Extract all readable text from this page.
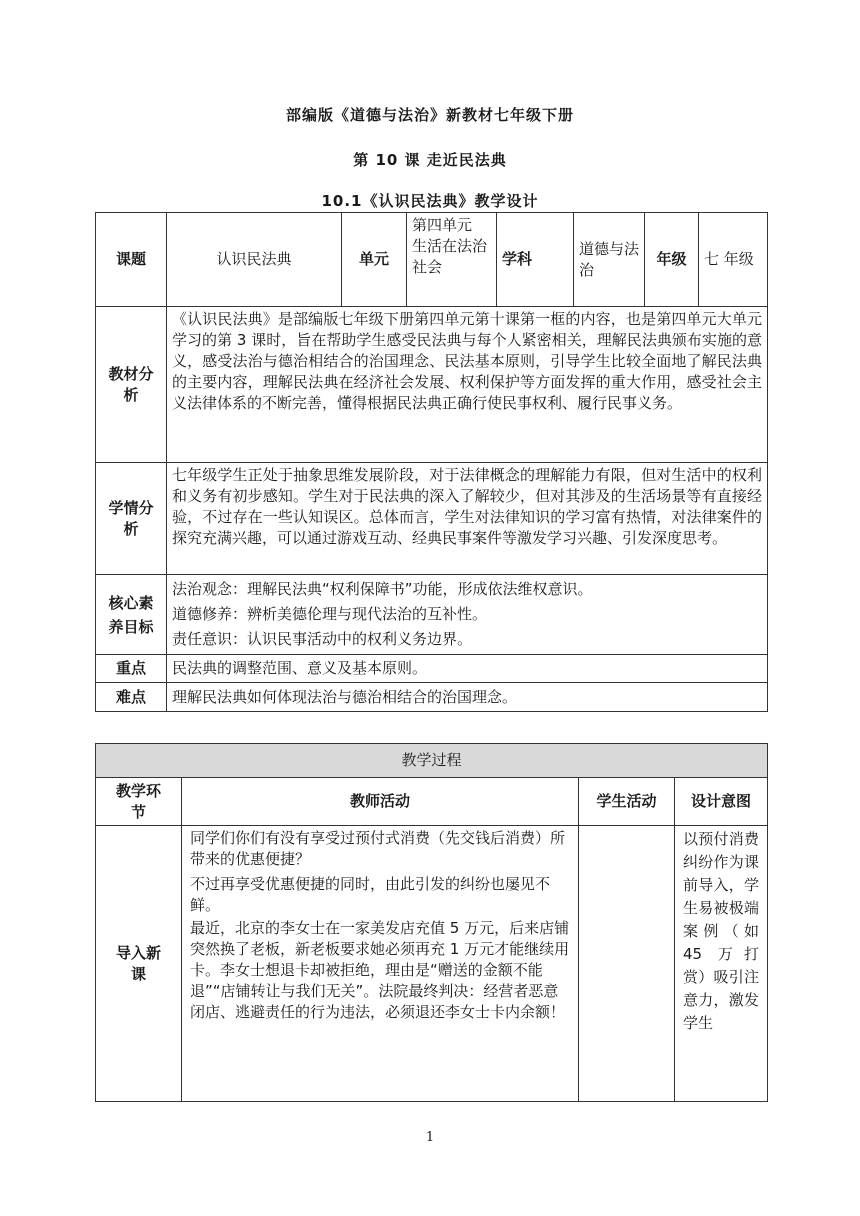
部编版《道德与法治》新教材七年级下册
第 10 课 走近民法典
10.1《认识民法典》教学设计
课题	认识民法典	单元	第四单元 生活在法治社会	学科	道德与法治	年级	七 年级
教材分析	《认识民法典》是部编版七年级下册第四单元第十课第一框的内容，也是第四单元大单元学习的第 3 课时，旨在帮助学生感受民法典与每个人紧密相关，理解民法典颁布实施的意义，感受法治与德治相结合的治国理念、民法基本原则，引导学生比较全面地了解民法典的主要内容，理解民法典在经济社会发展、权利保护等方面发挥的重大作用，感受社会主义法律体系的不断完善，懂得根据民法典正确行使民事权利、履行民事义务。						
学情分析	七年级学生正处于抽象思维发展阶段，对于法律概念的理解能力有限，但对生活中的权利和义务有初步感知。学生对于民法典的深入了解较少，但对其涉及的生活场景等有直接经验，不过存在一些认知误区。总体而言，学生对法律知识的学习富有热情，对法律案件的探究充满兴趣，可以通过游戏互动、经典民事案件等激发学习兴趣、引发深度思考。						
核心素养目标	法治观念：理解民法典“权利保障书”功能，形成依法维权意识。

道德修养：辨析美德伦理与现代法治的互补性。

责任意识：认识民事活动中的权利义务边界。						

重点	民法典的调整范围、意义及基本原则。						
难点	理解民法典如何体现法治与德治相结合的治国理念。						
教学过程			
教学环节	教师活动	学生活动	设计意图
导入新课	同学们你们有没有享受过预付式消费（先交钱后消费）所带来的优惠便捷？

不过再享受优惠便捷的同时，由此引发的纠纷也屡见不鲜。

最近，北京的李女士在一家美发店充值 5 万元，后来店铺突然换了老板，新老板要求她必须再充 1 万元才能继续用卡。李女士想退卡却被拒绝，理由是“赠送的金额不能退”“店铺转让与我们无关”。法院最终判决：经营者恶意闭店、逃避责任的行为违法，必须退还李女士卡内余额！		以预付消费纠纷作为课前导入，学生易被极端案例（如 45 万打赏）吸引注意力，激发学生
1
